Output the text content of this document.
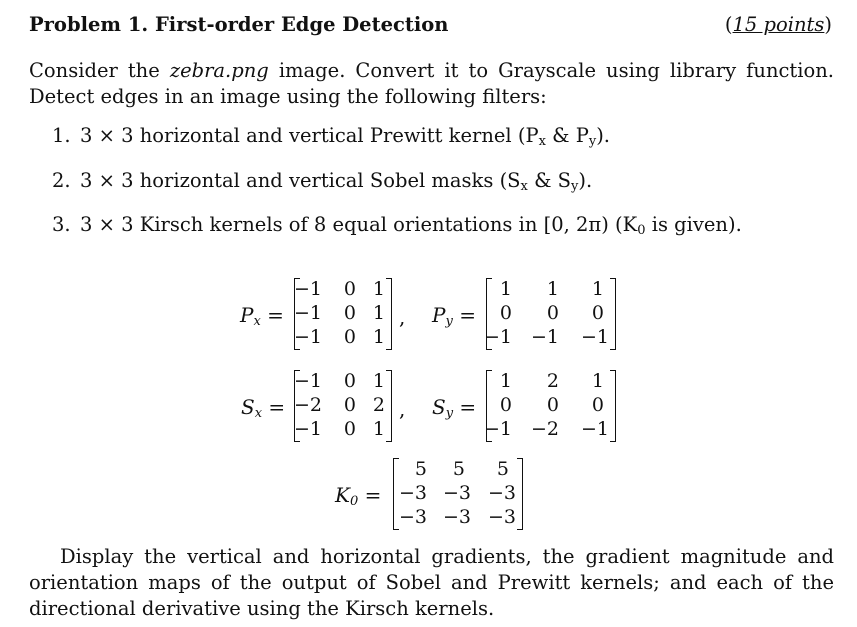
Problem 1. First-order Edge Detection	(15 points)
Consider the zebra.png image. Convert it to Grayscale using library function. Detect edges in an image using the following filters:
1. 3 × 3 horizontal and vertical Prewitt kernel ($P_x$ & $P_y$).
2. 3 × 3 horizontal and vertical Sobel masks ($S_x$ & $S_y$).
3. 3 × 3 Kirsch kernels of 8 equal orientations in [0, 2π) ($K_0$ is given).
$P_x$ =
−1 0 1
−1 0 1
−1 0 1
, $P_y$ =
1 1 1
0 0 0
−1 −1 −1
$S_x$ =
−1 0 1
−2 0 2
−1 0 1
, $S_y$ =
1 2 1
0 0 0
−1 −2 −1
$K_0$ =
5 5 5
−3 −3 −3
−3 −3 −3
Display the vertical and horizontal gradients, the gradient magnitude and orientation maps of the output of Sobel and Prewitt kernels; and each of the directional derivative using the Kirsch kernels.
